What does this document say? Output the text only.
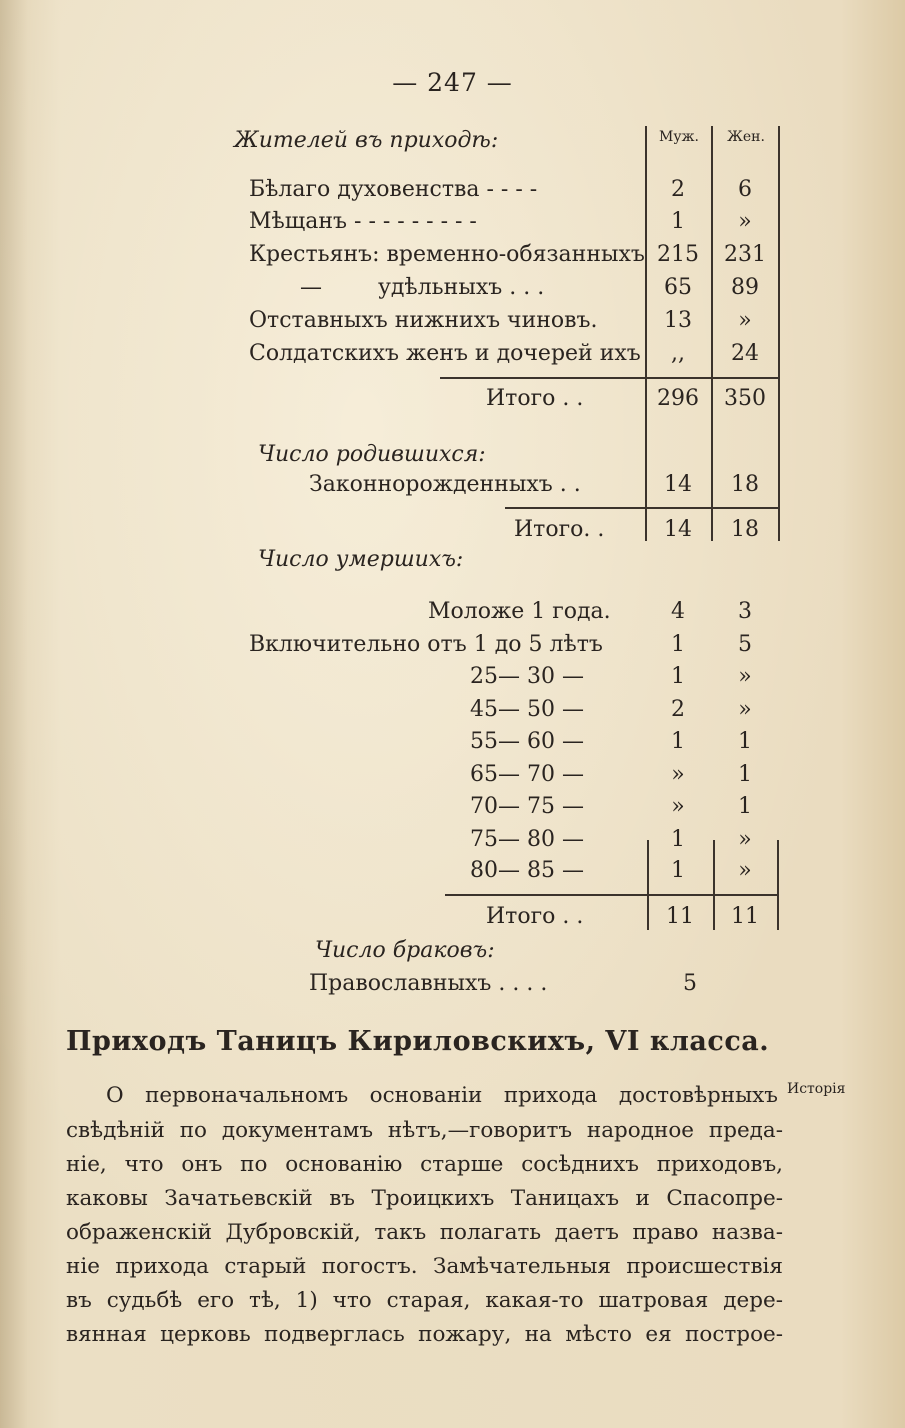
— 247 —
Муж.	Жен.
Жителей въ приходѣ:
Бѣлаго духовенства - - - -	2	6
Мѣщанъ - - - - - - - - -	1	»
Крестьянъ: временно-обязанныхъ 215	231
—        удѣльныхъ . . .	65	89
Отставныхъ нижнихъ чиновъ.	13	»
Солдатскихъ женъ и дочерей ихъ	,,	24
Итого . .	296	350
Число родившихся:
Законнорожденныхъ . .	14	18
Итого. .	14	18
Число умершихъ:
Моложе 1 года.	4	3
Включительно отъ 1 до 5 лѣтъ	1	5
25— 30 —	1	»
45— 50 —	2	»
55— 60 —	1	1
65— 70 —	»	1
70— 75 —	»	1
75— 80 —	1	»
80— 85 —	1	»
Итого . .	11	11
Число браковъ:
Православныхъ . . . .	5
Приходъ Таницъ Кириловскихъ, VI класса.
Исторія
О первоначальномъ основаніи прихода достовѣрныхъ
свѣдѣній по документамъ нѣтъ,—говоритъ народное преда-
ніе, что онъ по основанію старше сосѣднихъ приходовъ,
каковы Зачатьевскій въ Троицкихъ Таницахъ и Спасопре-
ображенскій Дубровскій, такъ полагать даетъ право назва-
ніе прихода старый погостъ. Замѣчательныя происшествія
въ судьбѣ его тѣ, 1) что старая, какая-то шатровая дере-
вянная церковь подверглась пожару, на мѣсто ея построе-
